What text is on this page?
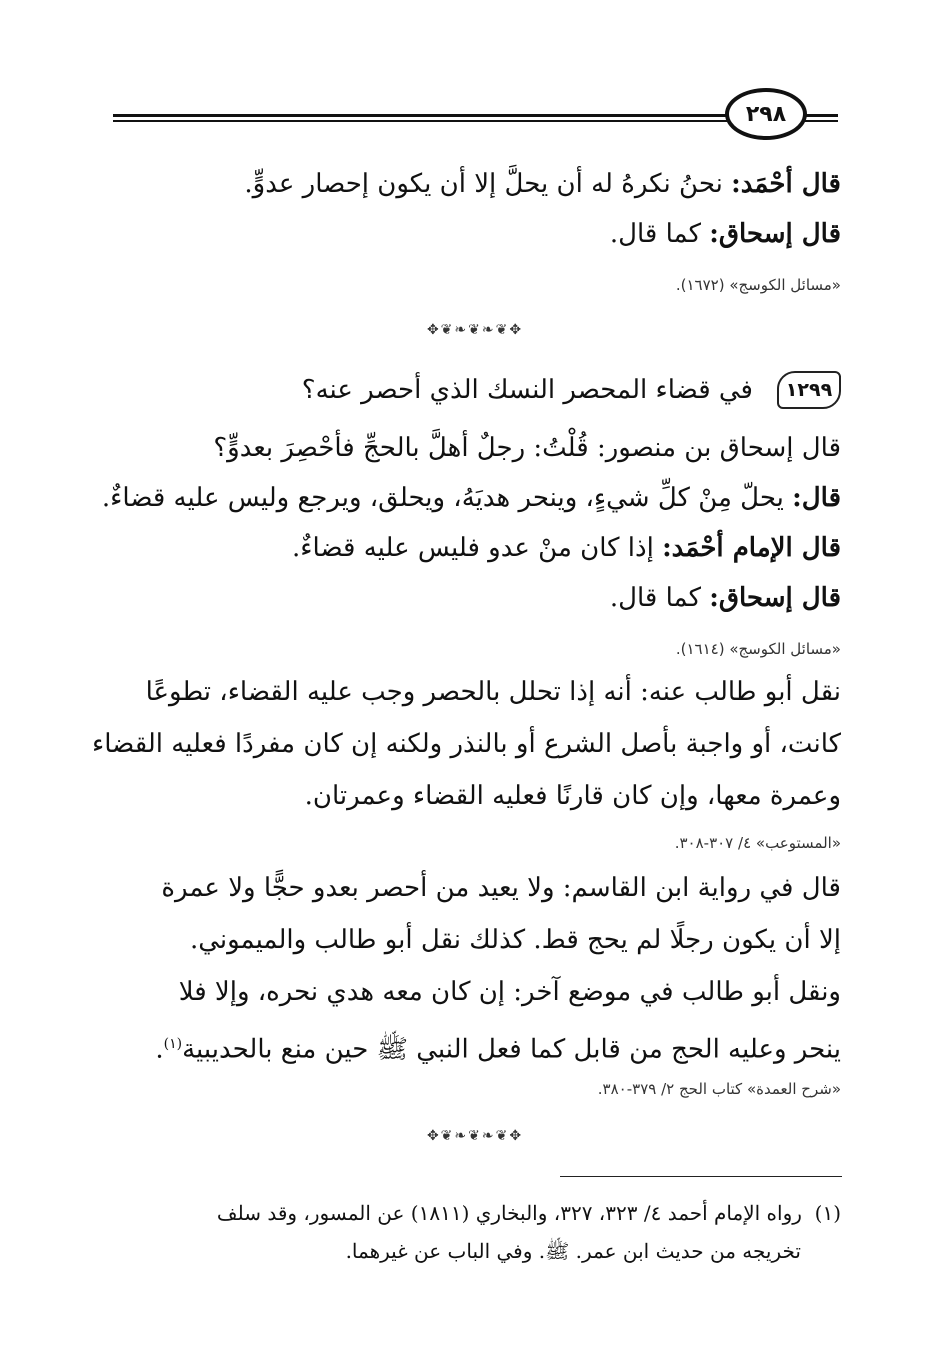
٢٩٨
قال أحْمَد: نحنُ نكرهُ له أن يحلَّ إلا أن يكون إحصار عدوٍّ.
قال إسحاق: كما قال.
«مسائل الكوسج» (١٦٧٢).
✥❦❧❦❧❦✥
١٢٩٩
في قضاء المحصر النسك الذي أحصر عنه؟
قال إسحاق بن منصور: قُلْتُ: رجلٌ أهلَّ بالحجِّ فأحْصِرَ بعدوٍّ؟
قال: يحلّ مِنْ كلِّ شيءٍ، وينحر هديَهُ، ويحلق، ويرجع وليس عليه قضاءٌ.
قال الإمام أحْمَد: إذا كان منْ عدو فليس عليه قضاءٌ.
قال إسحاق: كما قال.
«مسائل الكوسج» (١٦١٤).
نقل أبو طالب عنه: أنه إذا تحلل بالحصر وجب عليه القضاء، تطوعًا
كانت، أو واجبة بأصل الشرع أو بالنذر ولكنه إن كان مفردًا فعليه القضاء
وعمرة معها، وإن كان قارنًا فعليه القضاء وعمرتان.
«المستوعب» ٤/ ٣٠٧-٣٠٨.
قال في رواية ابن القاسم: ولا يعيد من أحصر بعدو حجًّا ولا عمرة
إلا أن يكون رجلًا لم يحج قط. كذلك نقل أبو طالب والميموني.
ونقل أبو طالب في موضع آخر: إن كان معه هدي نحره، وإلا فلا
ينحر وعليه الحج من قابل كما فعل النبي ﷺ حين منع بالحديبية$^{(١)}$.
«شرح العمدة» كتاب الحج ٢/ ٣٧٩-٣٨٠.
✥❦❧❦❧❦✥
(١)  رواه الإمام أحمد ٤/ ٣٢٣، ٣٢٧، والبخاري (١٨١١) عن المسور، وقد سلف
تخريجه من حديث ابن عمر. ﷺ. وفي الباب عن غيرهما.
